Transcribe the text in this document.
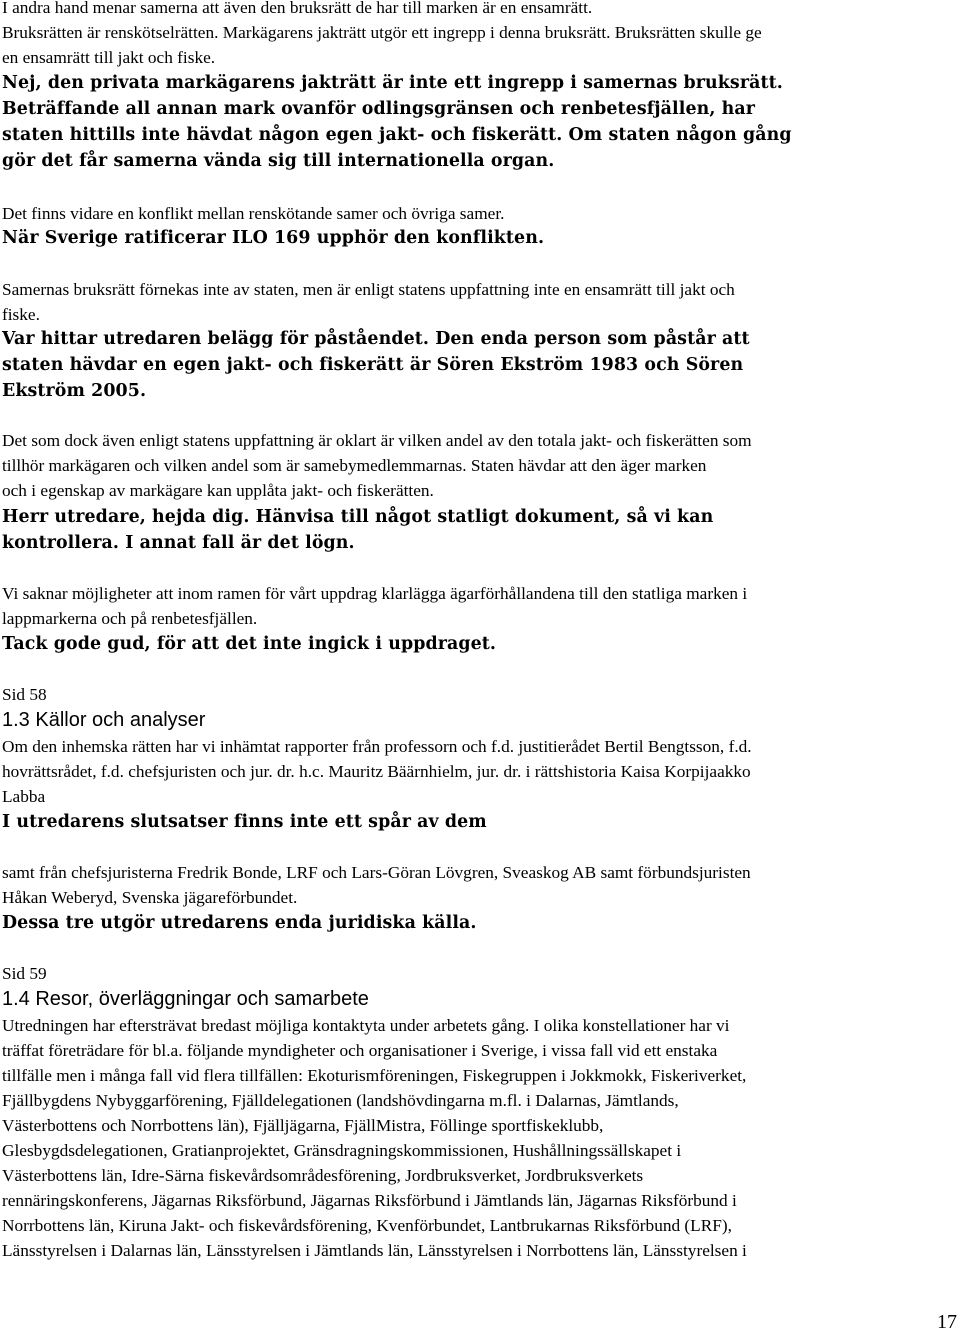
I andra hand menar samerna att även den bruksrätt de har till marken är en ensamrätt.
Bruksrätten är renskötselrätten. Markägarens jakträtt utgör ett ingrepp i denna bruksrätt. Bruksrätten skulle ge
en ensamrätt till jakt och fiske.
Nej, den privata markägarens jakträtt är inte ett ingrepp i samernas bruksrätt.
Beträffande all annan mark ovanför odlingsgränsen och renbetesfjällen, har
staten hittills inte hävdat någon egen jakt- och fiskerätt. Om staten någon gång
gör det får samerna vända sig till internationella organ.
Det finns vidare en konflikt mellan renskötande samer och övriga samer.
När Sverige ratificerar ILO 169 upphör den konflikten.
Samernas bruksrätt förnekas inte av staten, men är enligt statens uppfattning inte en ensamrätt till jakt och
fiske.
Var hittar utredaren belägg för påståendet. Den enda person som påstår att
staten hävdar en egen jakt- och fiskerätt är Sören Ekström 1983 och Sören
Ekström 2005.
Det som dock även enligt statens uppfattning är oklart är vilken andel av den totala jakt- och fiskerätten som
tillhör markägaren och vilken andel som är samebymedlemmarnas. Staten hävdar att den äger marken
och i egenskap av markägare kan upplåta jakt- och fiskerätten.
Herr utredare, hejda dig. Hänvisa till något statligt dokument, så vi kan
kontrollera. I annat fall är det lögn.
Vi saknar möjligheter att inom ramen för vårt uppdrag klarlägga ägarförhållandena till den statliga marken i
lappmarkerna och på renbetesfjällen.
Tack gode gud, för att det inte ingick i uppdraget.
Sid 58
1.3 Källor och analyser
Om den inhemska rätten har vi inhämtat rapporter från professorn och f.d. justitierådet Bertil Bengtsson, f.d.
hovrättsrådet, f.d. chefsjuristen och jur. dr. h.c. Mauritz Bäärnhielm, jur. dr. i rättshistoria Kaisa Korpijaakko
Labba
I utredarens slutsatser finns inte ett spår av dem
samt från chefsjuristerna Fredrik Bonde, LRF och Lars-Göran Lövgren, Sveaskog AB samt förbundsjuristen
Håkan Weberyd, Svenska jägareförbundet.
Dessa tre utgör utredarens enda juridiska källa.
Sid 59
1.4 Resor, överläggningar och samarbete
Utredningen har eftersträvat bredast möjliga kontaktyta under arbetets gång. I olika konstellationer har vi
träffat företrädare för bl.a. följande myndigheter och organisationer i Sverige, i vissa fall vid ett enstaka
tillfälle men i många fall vid flera tillfällen: Ekoturismföreningen, Fiskegruppen i Jokkmokk, Fiskeriverket,
Fjällbygdens Nybyggarförening, Fjälldelegationen (landshövdingarna m.fl. i Dalarnas, Jämtlands,
Västerbottens och Norrbottens län), Fjälljägarna, FjällMistra, Föllinge sportfiskeklubb,
Glesbygdsdelegationen, Gratianprojektet, Gränsdragningskommissionen, Hushållningssällskapet i
Västerbottens län, Idre-Särna fiskevårdsområdesförening, Jordbruksverket, Jordbruksverkets
rennäringskonferens, Jägarnas Riksförbund, Jägarnas Riksförbund i Jämtlands län, Jägarnas Riksförbund i
Norrbottens län, Kiruna Jakt- och fiskevårdsförening, Kvenförbundet, Lantbrukarnas Riksförbund (LRF),
Länsstyrelsen i Dalarnas län, Länsstyrelsen i Jämtlands län, Länsstyrelsen i Norrbottens län, Länsstyrelsen i
17
